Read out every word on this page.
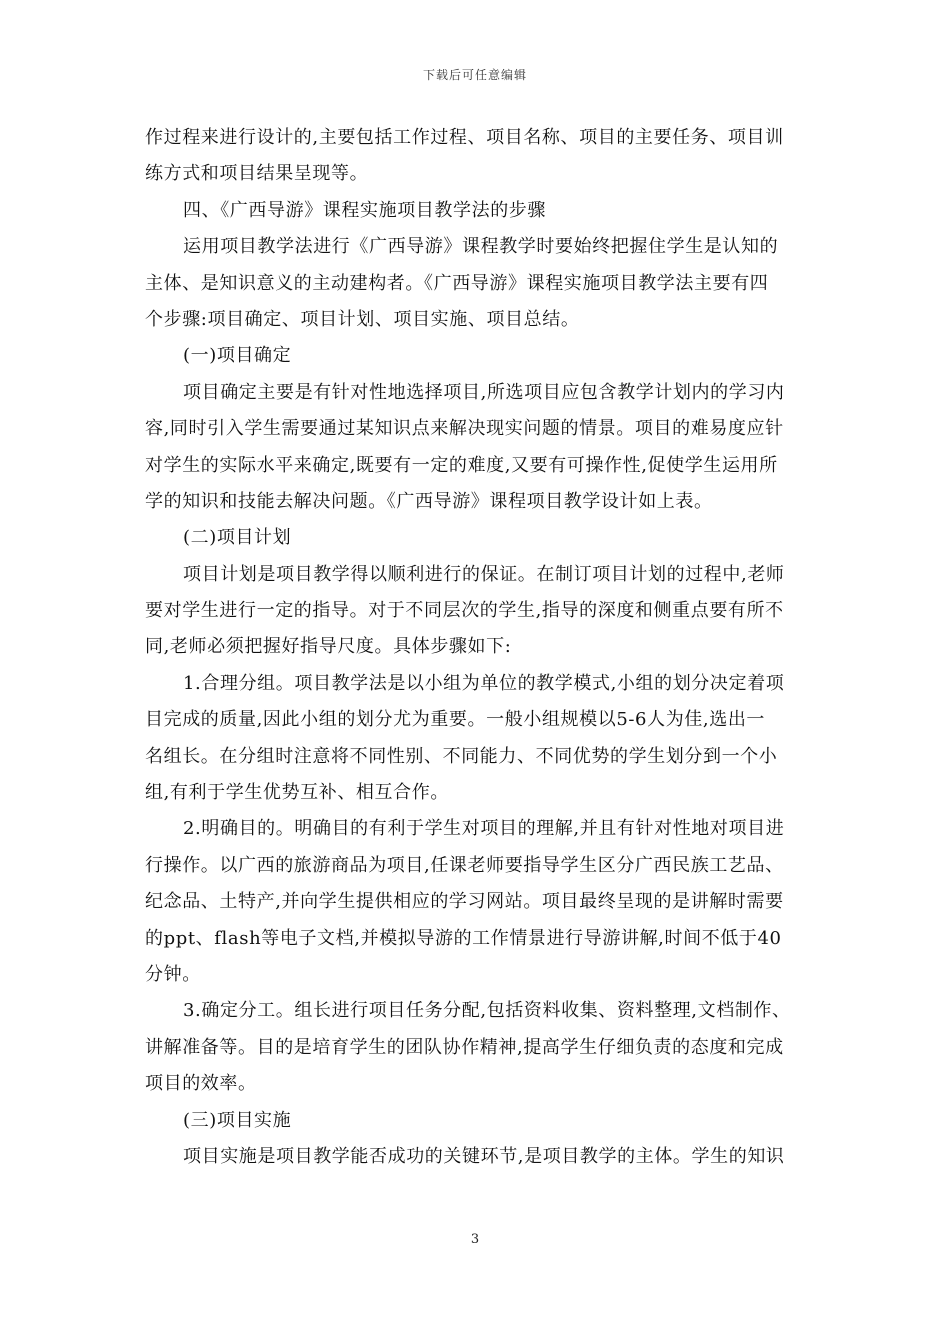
下载后可任意编辑
作过程来进行设计的,主要包括工作过程、项目名称、项目的主要任务、项目训
练方式和项目结果呈现等。
四、《广西导游》课程实施项目教学法的步骤
运用项目教学法进行《广西导游》课程教学时要始终把握住学生是认知的
主体、是知识意义的主动建构者。《广西导游》课程实施项目教学法主要有四
个步骤:项目确定、项目计划、项目实施、项目总结。
(一)项目确定
项目确定主要是有针对性地选择项目,所选项目应包含教学计划内的学习内
容,同时引入学生需要通过某知识点来解决现实问题的情景。项目的难易度应针
对学生的实际水平来确定,既要有一定的难度,又要有可操作性,促使学生运用所
学的知识和技能去解决问题。《广西导游》课程项目教学设计如上表。
(二)项目计划
项目计划是项目教学得以顺利进行的保证。在制订项目计划的过程中,老师
要对学生进行一定的指导。对于不同层次的学生,指导的深度和侧重点要有所不
同,老师必须把握好指导尺度。具体步骤如下:
1.合理分组。项目教学法是以小组为单位的教学模式,小组的划分决定着项
目完成的质量,因此小组的划分尤为重要。一般小组规模以5-6人为佳,选出一
名组长。在分组时注意将不同性别、不同能力、不同优势的学生划分到一个小
组,有利于学生优势互补、相互合作。
2.明确目的。明确目的有利于学生对项目的理解,并且有针对性地对项目进
行操作。以广西的旅游商品为项目,任课老师要指导学生区分广西民族工艺品、
纪念品、土特产,并向学生提供相应的学习网站。项目最终呈现的是讲解时需要
的ppt、flash等电子文档,并模拟导游的工作情景进行导游讲解,时间不低于40
分钟。
3.确定分工。组长进行项目任务分配,包括资料收集、资料整理,文档制作、
讲解准备等。目的是培育学生的团队协作精神,提高学生仔细负责的态度和完成
项目的效率。
(三)项目实施
项目实施是项目教学能否成功的关键环节,是项目教学的主体。学生的知识
3
